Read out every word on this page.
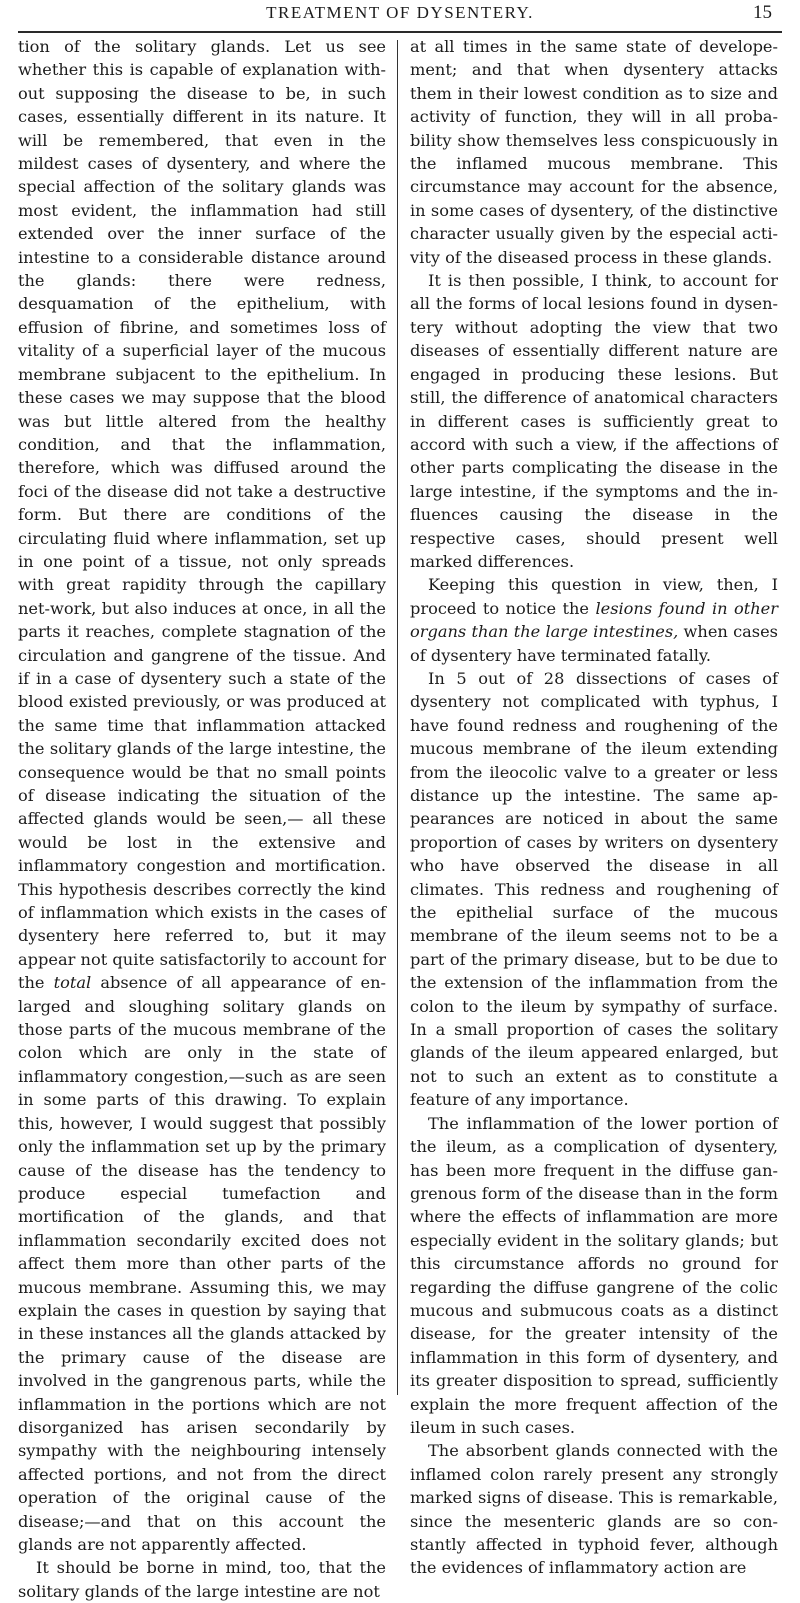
TREATMENT OF DYSENTERY.	15

tion of the solitary glands. Let us see whether this is capable of explanation without supposing the disease to be, in such cases, essentially different in its nature. It will be remembered, that even in the mildest cases of dysentery, and where the special affection of the solitary glands was most evident, the inflammation had still extended over the inner surface of the intestine to a considerable distance around the glands: there were redness, desquamation of the epithelium, with effusion of fibrine, and sometimes loss of vitality of a superficial layer of the mucous membrane subjacent to the epithelium. In these cases we may suppose that the blood was but little altered from the healthy condition, and that the inflammation, therefore, which was diffused around the foci of the disease did not take a destructive form. But there are conditions of the circulating fluid where inflammation, set up in one point of a tissue, not only spreads with great rapidity through the capillary net-work, but also induces at once, in all the parts it reaches, complete stagnation of the circulation and gangrene of the tissue. And if in a case of dysentery such a state of the blood existed previously, or was produced at the same time that inflammation attacked the solitary glands of the large intestine, the consequence would be that no small points of disease indicating the situation of the affected glands would be seen,— all these would be lost in the extensive and inflammatory congestion and mortification. This hypothesis describes correctly the kind of inflammation which exists in the cases of dysentery here referred to, but it may appear not quite satisfactorily to account for the total absence of all appearance of enlarged and sloughing solitary glands on those parts of the mucous membrane of the colon which are only in the state of inflammatory congestion,—such as are seen in some parts of this drawing. To explain this, however, I would suggest that possibly only the inflammation set up by the primary cause of the disease has the tendency to produce especial tumefaction and mortification of the glands, and that inflammation secondarily excited does not affect them more than other parts of the mucous membrane. Assuming this, we may explain the cases in question by saying that in these instances all the glands attacked by the primary cause of the disease are involved in the gangrenous parts, while the inflammation in the portions which are not disorganized has arisen secondarily by sympathy with the neighbouring intensely affected portions, and not from the direct operation of the original cause of the disease;—and that on this account the glands are not apparently affected.

It should be borne in mind, too, that the solitary glands of the large intestine are not

at all times in the same state of developement; and that when dysentery attacks them in their lowest condition as to size and activity of function, they will in all probability show themselves less conspicuously in the inflamed mucous membrane. This circumstance may account for the absence, in some cases of dysentery, of the distinctive character usually given by the especial activity of the diseased process in these glands.

It is then possible, I think, to account for all the forms of local lesions found in dysentery without adopting the view that two diseases of essentially different nature are engaged in producing these lesions. But still, the difference of anatomical characters in different cases is sufficiently great to accord with such a view, if the affections of other parts complicating the disease in the large intestine, if the symptoms and the influences causing the disease in the respective cases, should present well marked differences.

Keeping this question in view, then, I proceed to notice the lesions found in other organs than the large intestines, when cases of dysentery have terminated fatally.

In 5 out of 28 dissections of cases of dysentery not complicated with typhus, I have found redness and roughening of the mucous membrane of the ileum extending from the ileocolic valve to a greater or less distance up the intestine. The same appearances are noticed in about the same proportion of cases by writers on dysentery who have observed the disease in all climates. This redness and roughening of the epithelial surface of the mucous membrane of the ileum seems not to be a part of the primary disease, but to be due to the extension of the inflammation from the colon to the ileum by sympathy of surface. In a small proportion of cases the solitary glands of the ileum appeared enlarged, but not to such an extent as to constitute a feature of any importance.

The inflammation of the lower portion of the ileum, as a complication of dysentery, has been more frequent in the diffuse gangrenous form of the disease than in the form where the effects of inflammation are more especially evident in the solitary glands; but this circumstance affords no ground for regarding the diffuse gangrene of the colic mucous and submucous coats as a distinct disease, for the greater intensity of the inflammation in this form of dysentery, and its greater disposition to spread, sufficiently explain the more frequent affection of the ileum in such cases.

The absorbent glands connected with the inflamed colon rarely present any strongly marked signs of disease. This is remarkable, since the mesenteric glands are so constantly affected in typhoid fever, although the evidences of inflammatory action are
